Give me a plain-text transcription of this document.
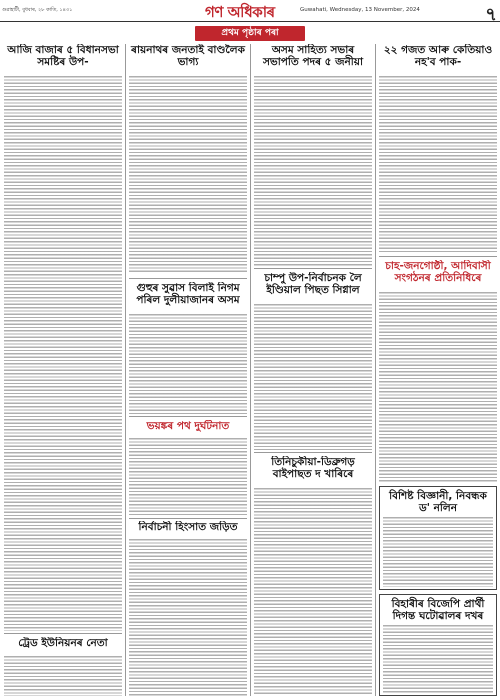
গুৱাহাটী, বুধবাৰ, ২৮ কাতি, ১৪৩১	গণ অধিকাৰ	Guwahati, Wednesday, 13 November, 2024	৭
প্ৰথম পৃষ্ঠাৰ পৰা
আজি বাজাৰ ৫ বিধানসভা সমষ্টিৰ উপ-
ট্ৰেড ইউনিয়নৰ নেতা
ৰায়নাথৰ জনতাই বাণ্ডলৈক ভাগ্য
গুহুৰ সুৱাস বিলাই নিগম পৰিল দুলীয়াজানৰ অসম
ভয়ঙ্কৰ পথ দুৰ্ঘটনাত
নিৰ্বাচনী হিংসাত জড়িত
অসম সাহিত্য সভাৰ সভাপতি পদৰ ৫ জনীয়া
চাম্পু উপ-নিৰ্বাচনক লৈ ইণ্ডিয়াল পিছত সিগ্নাল
তিনিচুকীয়া-ডিব্ৰুগড় বাইপাছত দ খাৰিৰে
২২ গজত আৰু কেতিয়াও নহ'ব পাক-
চাহ-জনগোষ্ঠী, আদিবাসী সংগঠনৰ প্ৰতিনিধিৰে
বিশিষ্ট বিজ্ঞানী, নিবন্ধক ড' নলিন
বিহাৰীৰ বিজেপি প্ৰাৰ্থী দিগন্ত ঘটোৱালৰ দখৰ
